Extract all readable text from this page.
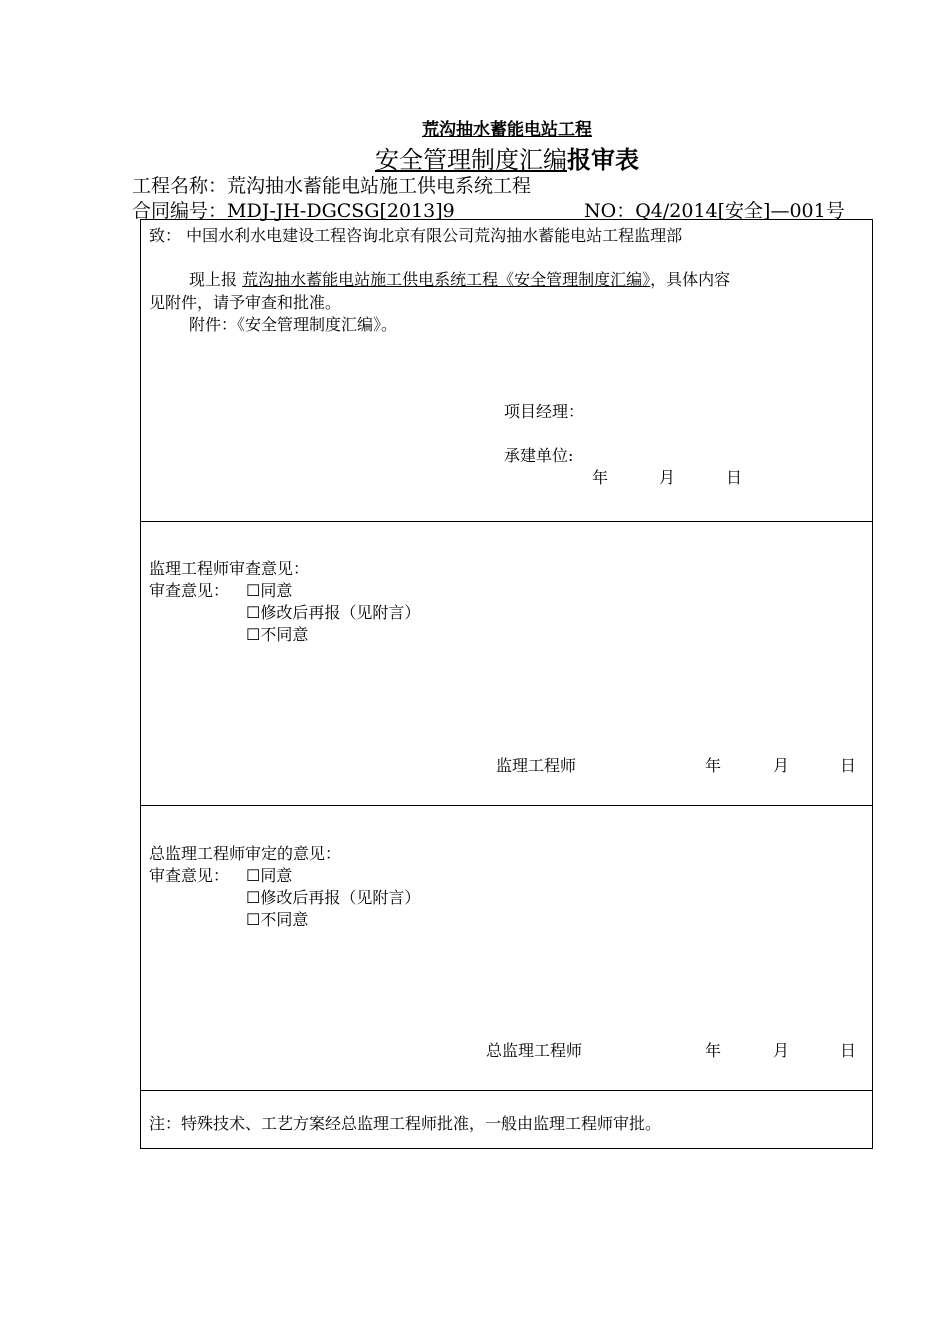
荒沟抽水蓄能电站工程
安全管理制度汇编报审表
工程名称：荒沟抽水蓄能电站施工供电系统工程
合同编号：MDJ-JH-DGCSG[2013]9	NO：Q4/2014[安全]—001号
致： 中国水利水电建设工程咨询北京有限公司荒沟抽水蓄能电站工程监理部
现上报 荒沟抽水蓄能电站施工供电系统工程《安全管理制度汇编》，具体内容
见附件，请予审查和批准。
附件：《安全管理制度汇编》。
项目经理：
承建单位:
年	月	日
监理工程师审查意见：
审查意见： ☐同意
☐修改后再报（见附言）
☐不同意
监理工程师	年	月	日
总监理工程师审定的意见：
审查意见： ☐同意
☐修改后再报（见附言）
☐不同意
总监理工程师	年	月	日
注：特殊技术、工艺方案经总监理工程师批准，一般由监理工程师审批。
